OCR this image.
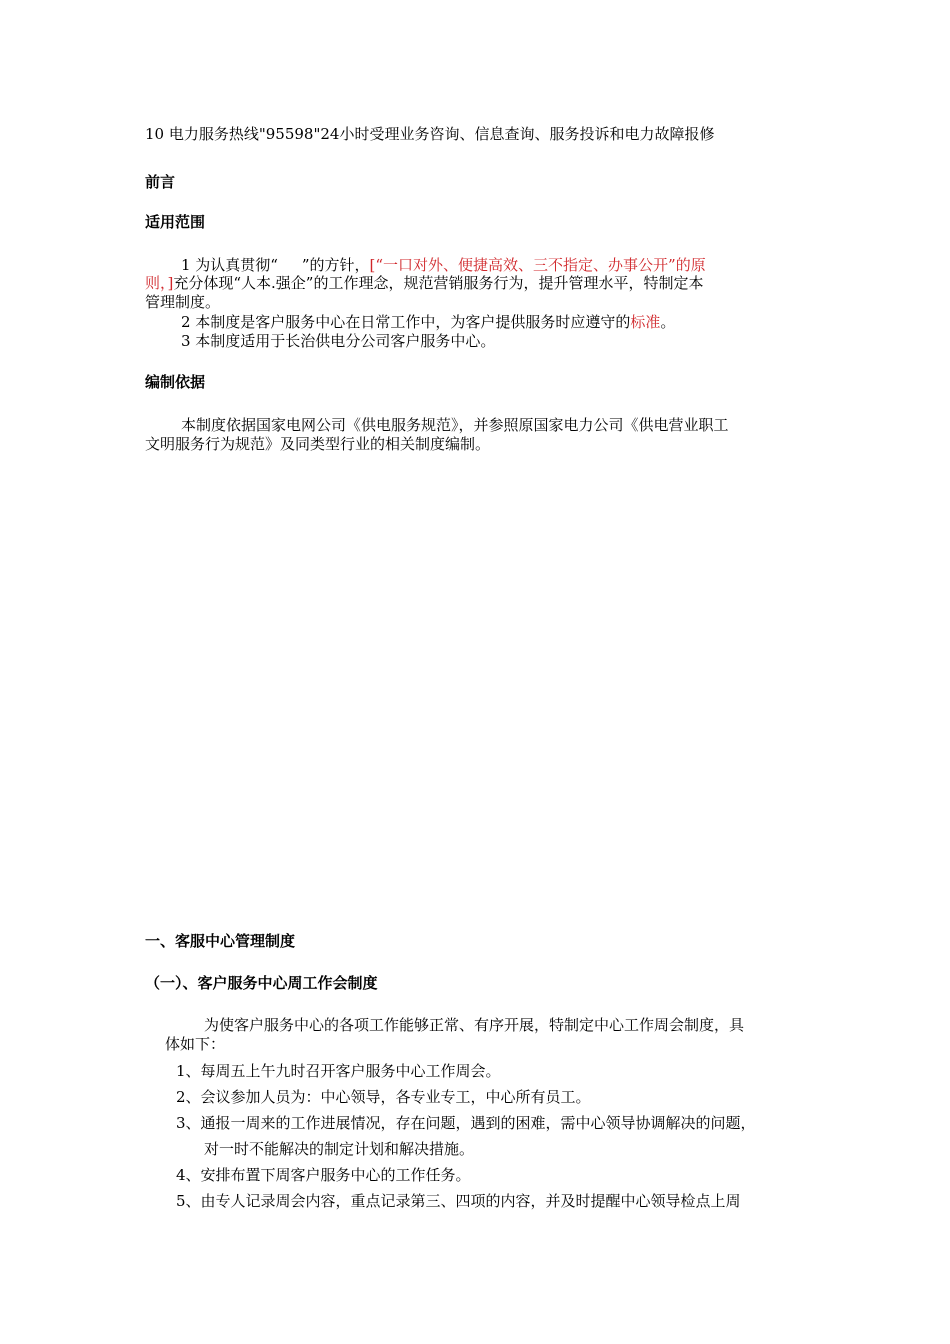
10 电力服务热线"95598"24小时受理业务咨询、信息查询、服务投诉和电力故障报修
前言
适用范围
1 为认真贯彻“ ”的方针，[“一口对外、便捷高效、三不指定、办事公开”的原
则，]充分体现“人本.强企”的工作理念，规范营销服务行为，提升管理水平，特制定本
管理制度。
2 本制度是客户服务中心在日常工作中，为客户提供服务时应遵守的标准。
3 本制度适用于长治供电分公司客户服务中心。
编制依据
本制度依据国家电网公司《供电服务规范》，并参照原国家电力公司《供电营业职工
文明服务行为规范》及同类型行业的相关制度编制。
一、客服中心管理制度
（一）、客户服务中心周工作会制度
为使客户服务中心的各项工作能够正常、有序开展，特制定中心工作周会制度，具
体如下：
1、每周五上午九时召开客户服务中心工作周会。
2、会议参加人员为：中心领导，各专业专工，中心所有员工。
3、通报一周来的工作进展情况，存在问题，遇到的困难，需中心领导协调解决的问题，
对一时不能解决的制定计划和解决措施。
4、安排布置下周客户服务中心的工作任务。
5、由专人记录周会内容，重点记录第三、四项的内容，并及时提醒中心领导检点上周
